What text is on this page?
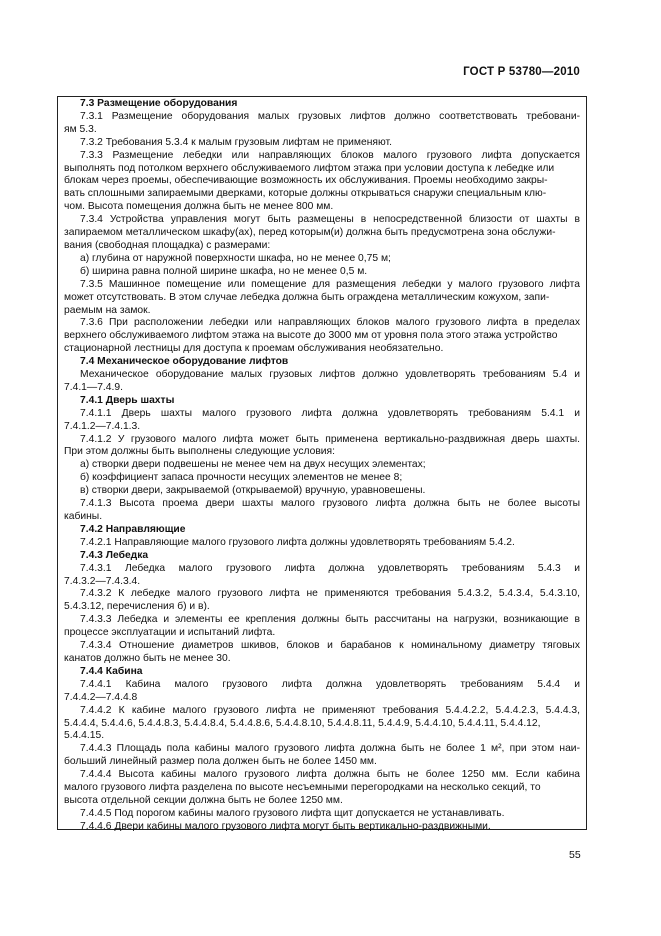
ГОСТ Р 53780—2010

7.3 Размещение оборудования

7.3.1 Размещение оборудования малых грузовых лифтов должно соответствовать требовани-

ям 5.3.

7.3.2 Требования 5.3.4 к малым грузовым лифтам не применяют.

7.3.3 Размещение лебедки или направляющих блоков малого грузового лифта допускается

выполнять под потолком верхнего обслуживаемого лифтом этажа при условии доступа к лебедке или

блокам через проемы, обеспечивающие возможность их обслуживания. Проемы необходимо закры-

вать сплошными запираемыми дверками, которые должны открываться снаружи специальным клю-

чом. Высота помещения должна быть не менее 800 мм.

7.3.4 Устройства управления могут быть размещены в непосредственной близости от шахты в

запираемом металлическом шкафу(ах), перед которым(и) должна быть предусмотрена зона обслужи-

вания (свободная площадка) с размерами:

а) глубина от наружной поверхности шкафа, но не менее 0,75 м;

б) ширина равна полной ширине шкафа, но не менее 0,5 м.

7.3.5 Машинное помещение или помещение для размещения лебедки у малого грузового лифта

может отсутствовать. В этом случае лебедка должна быть ограждена металлическим кожухом, запи-

раемым на замок.

7.3.6 При расположении лебедки или направляющих блоков малого грузового лифта в пределах

верхнего обслуживаемого лифтом этажа на высоте до 3000 мм от уровня пола этого этажа устройство

стационарной лестницы для доступа к проемам обслуживания необязательно.

7.4 Механическое оборудование лифтов

Механическое оборудование малых грузовых лифтов должно удовлетворять требованиям 5.4 и

7.4.1—7.4.9.

7.4.1 Дверь шахты

7.4.1.1 Дверь шахты малого грузового лифта должна удовлетворять требованиям 5.4.1 и

7.4.1.2—7.4.1.3.

7.4.1.2 У грузового малого лифта может быть применена вертикально-раздвижная дверь шахты.

При этом должны быть выполнены следующие условия:

а) створки двери подвешены не менее чем на двух несущих элементах;

б) коэффициент запаса прочности несущих элементов не менее 8;

в) створки двери, закрываемой (открываемой) вручную, уравновешены.

7.4.1.3 Высота проема двери шахты малого грузового лифта должна быть не более высоты

кабины.

7.4.2 Направляющие

7.4.2.1 Направляющие малого грузового лифта должны удовлетворять требованиям 5.4.2.

7.4.3 Лебедка

7.4.3.1 Лебедка малого грузового лифта должна удовлетворять требованиям 5.4.3 и

7.4.3.2—7.4.3.4.

7.4.3.2 К лебедке малого грузового лифта не применяются требования 5.4.3.2, 5.4.3.4, 5.4.3.10,

5.4.3.12, перечисления б) и в).

7.4.3.3 Лебедка и элементы ее крепления должны быть рассчитаны на нагрузки, возникающие в

процессе эксплуатации и испытаний лифта.

7.4.3.4 Отношение диаметров шкивов, блоков и барабанов к номинальному диаметру тяговых

канатов должно быть не менее 30.

7.4.4 Кабина

7.4.4.1 Кабина малого грузового лифта должна удовлетворять требованиям 5.4.4 и

7.4.4.2—7.4.4.8

7.4.4.2 К кабине малого грузового лифта не применяют требования 5.4.4.2.2, 5.4.4.2.3, 5.4.4.3,

5.4.4.4, 5.4.4.6, 5.4.4.8.3, 5.4.4.8.4, 5.4.4.8.6, 5.4.4.8.10, 5.4.4.8.11, 5.4.4.9, 5.4.4.10, 5.4.4.11, 5.4.4.12,

5.4.4.15.

7.4.4.3 Площадь пола кабины малого грузового лифта должна быть не более 1 м², при этом наи-

больший линейный размер пола должен быть не более 1450 мм.

7.4.4.4 Высота кабины малого грузового лифта должна быть не более 1250 мм. Если кабина

малого грузового лифта разделена по высоте несъемными перегородками на несколько секций, то

высота отдельной секции должна быть не более 1250 мм.

7.4.4.5 Под порогом кабины малого грузового лифта щит допускается не устанавливать.

7.4.4.6 Двери кабины малого грузового лифта могут быть вертикально-раздвижными.

55
